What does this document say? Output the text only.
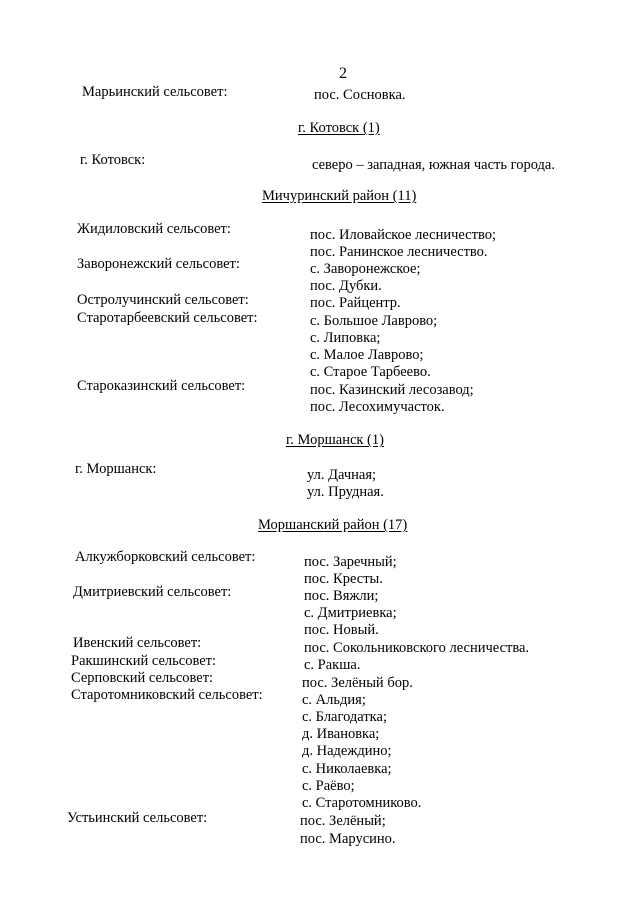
2
Марьинский сельсовет:	пос. Сосновка.
г. Котовск (1)
г. Котовск:	северо – западная, южная часть города.
Мичуринский район (11)
Жидиловский сельсовет:	пос. Иловайское лесничество;
пос. Ранинское лесничество.
Заворонежский сельсовет:	с. Заворонежское;
пос. Дубки.
Остролучинский сельсовет:	пос. Райцентр.
Старотарбеевский сельсовет:	с. Большое Лаврово;
с. Липовка;
с. Малое Лаврово;
с. Старое Тарбеево.
Староказинский сельсовет:	пос. Казинский лесозавод;
пос. Лесохимучасток.
г. Моршанск (1)
г. Моршанск:	ул. Дачная;
ул. Прудная.
Моршанский район (17)
Алкужборковский сельсовет:	пос. Заречный;
пос. Кресты.
Дмитриевский сельсовет:	пос. Вяжли;
с. Дмитриевка;
пос. Новый.
Ивенский сельсовет:	пос. Сокольниковского лесничества.
Ракшинский сельсовет:	с. Ракша.
Серповский сельсовет:	пос. Зелёный бор.
Старотомниковский сельсовет:	с. Альдия;
с. Благодатка;
д. Ивановка;
д. Надеждино;
с. Николаевка;
с. Раёво;
с. Старотомниково.
Устьинский сельсовет:	пос. Зелёный;
пос. Марусино.
